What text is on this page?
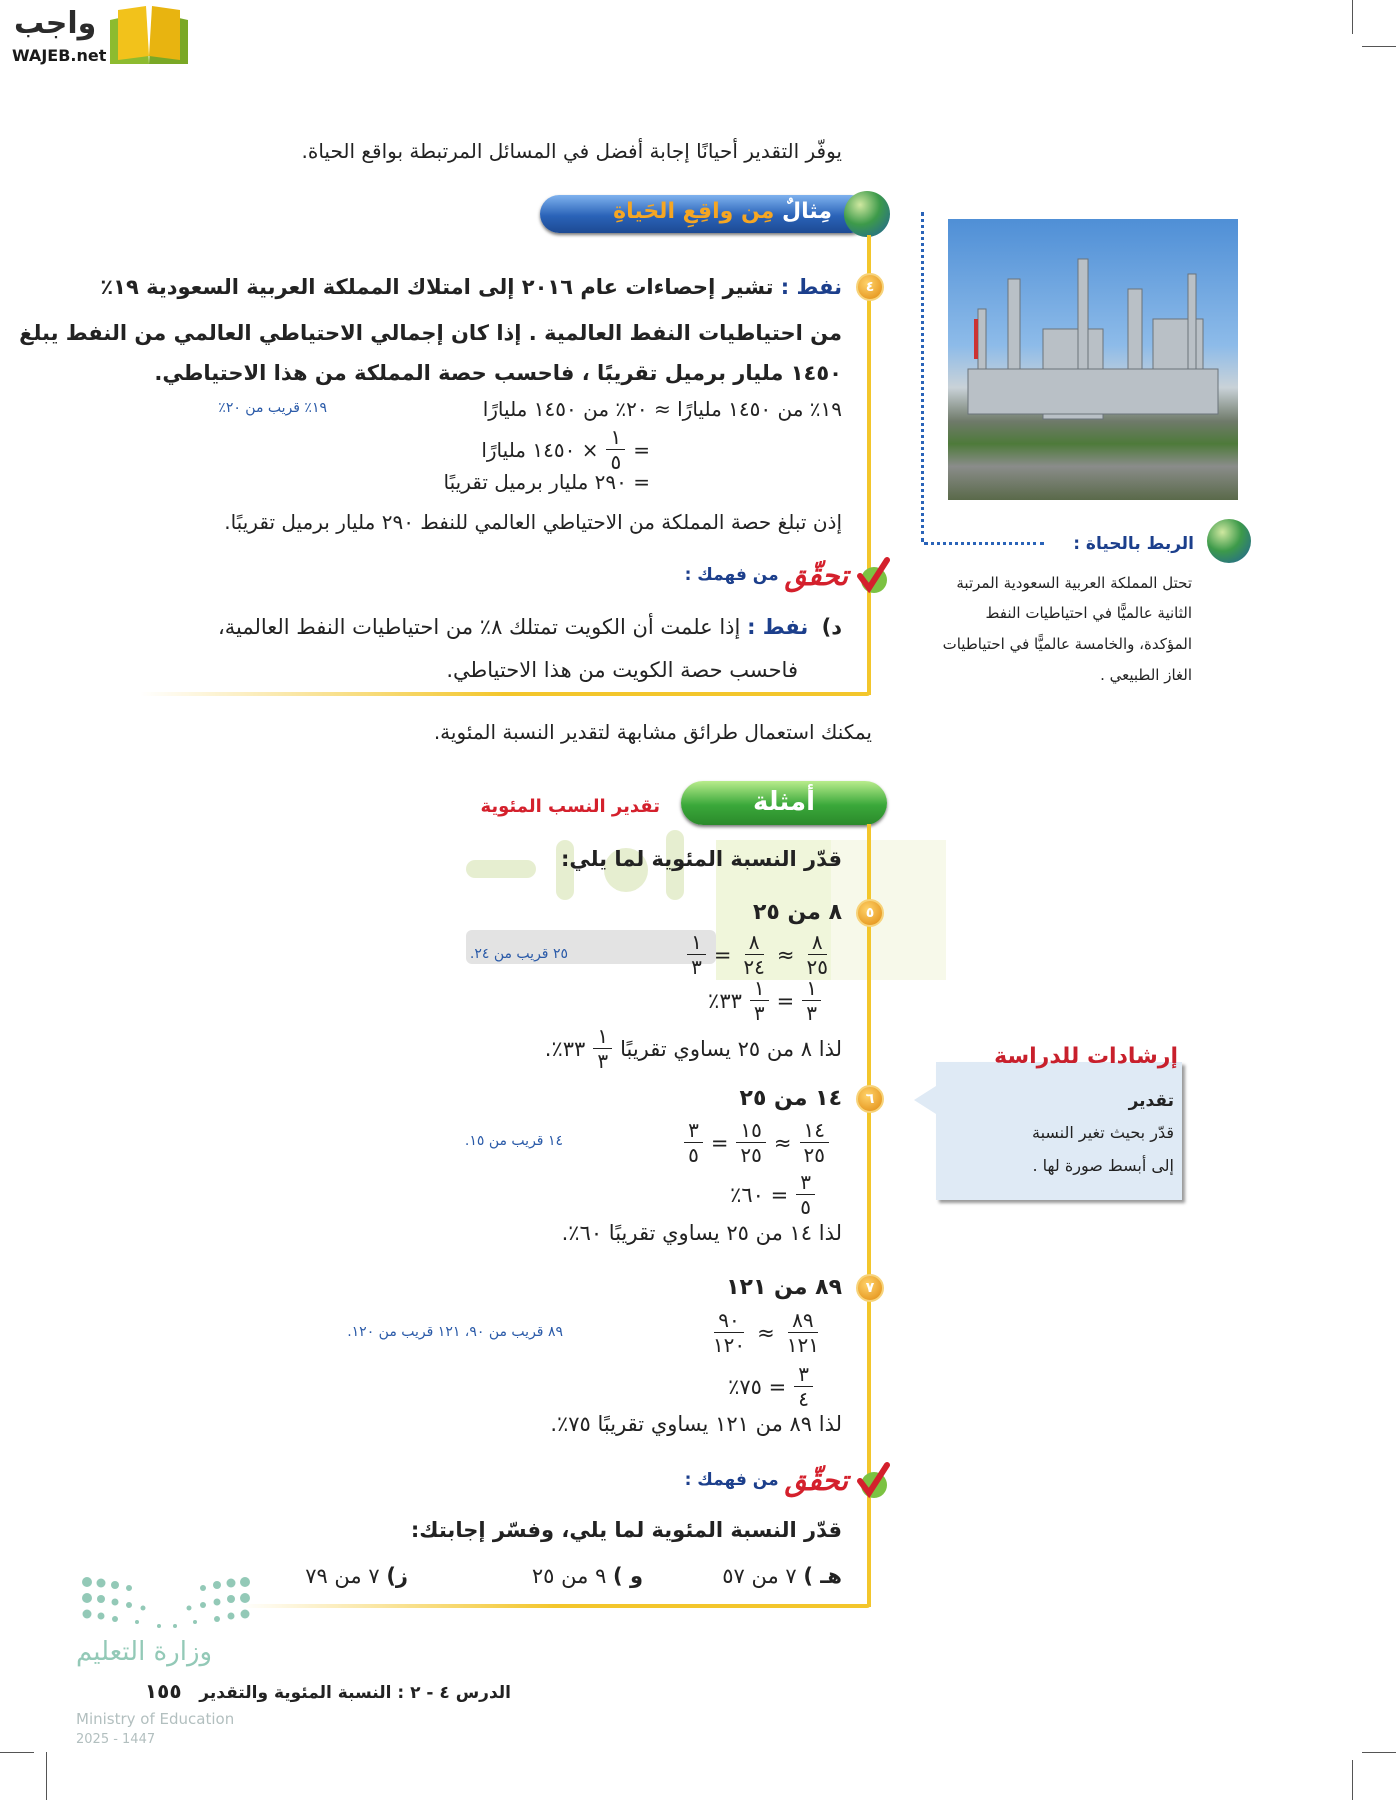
واجب
WAJEB.net
يوفّر التقدير أحيانًا إجابة أفضل في المسائل المرتبطة بواقع الحياة.
مِثالٌ مِن واقِعِ الحَياةِ
الربط بالحياة :
تحتل المملكة العربية السعودية المرتبة
الثانية عالميًّا في احتياطيات النفط
المؤكدة، والخامسة عالميًّا في احتياطيات
الغاز الطبيعي .
٤
نفط : تشير إحصاءات عام ٢٠١٦ إلى امتلاك المملكة العربية السعودية ١٩٪
من احتياطيات النفط العالمية . إذا كان إجمالي الاحتياطي العالمي من النفط يبلغ
١٤٥٠ مليار برميل تقريبًا ، فاحسب حصة المملكة من هذا الاحتياطي.
١٩٪ من ١٤٥٠ مليارًا ≈ ٢٠٪ من ١٤٥٠ مليارًا
١٩٪ قريب من ٢٠٪
=
$\frac{١}{٥}$
× ١٤٥٠ مليارًا
= ٢٩٠ مليار برميل تقريبًا
إذن تبلغ حصة المملكة من الاحتياطي العالمي للنفط ٢٩٠ مليار برميل تقريبًا.
تحقّق
من فهمك :
د)  نفط : إذا علمت أن الكويت تمتلك ٨٪ من احتياطيات النفط العالمية،
فاحسب حصة الكويت من هذا الاحتياطي.
يمكنك استعمال طرائق مشابهة لتقدير النسبة المئوية.
أمثلة
تقدير النسب المئوية
قدّر النسبة المئوية لما يلي:
٥
٨ من ٢٥
$\frac{٨}{٢٥}$
≈
$\frac{٨}{٢٤}$
=
$\frac{١}{٣}$
٢٥ قريب من ٢٤.
$\frac{١}{٣}$
=
$\frac{١}{٣}$
٣٣٪
لذا ٨ من ٢٥ يساوي تقريبًا
$\frac{١}{٣}$
٣٣٪.
٦
١٤ من ٢٥
$\frac{١٤}{٢٥}$
≈
$\frac{١٥}{٢٥}$
=
$\frac{٣}{٥}$
١٤ قريب من ١٥.
$\frac{٣}{٥}$
= ٦٠٪
لذا ١٤ من ٢٥ يساوي تقريبًا ٦٠٪.
إرشادات للدراسة
تقدير
قدّر بحيث تغير النسبة
إلى أبسط صورة لها .
٧
٨٩ من ١٢١
$\frac{٨٩}{١٢١}$
≈
$\frac{٩٠}{١٢٠}$
٨٩ قريب من ٩٠، ١٢١ قريب من ١٢٠.
$\frac{٣}{٤}$
= ٧٥٪
لذا ٨٩ من ١٢١ يساوي تقريبًا ٧٥٪.
تحقّق
من فهمك :
قدّر النسبة المئوية لما يلي، وفسّر إجابتك:
هـ ) ٧ من ٥٧
و ) ٩ من ٢٥
ز) ٧ من ٧٩
وزارة التعليم
Ministry of Education
2025 - 1447
الدرس ٤ - ٢ : النسبة المئوية والتقدير   ١٥٥
